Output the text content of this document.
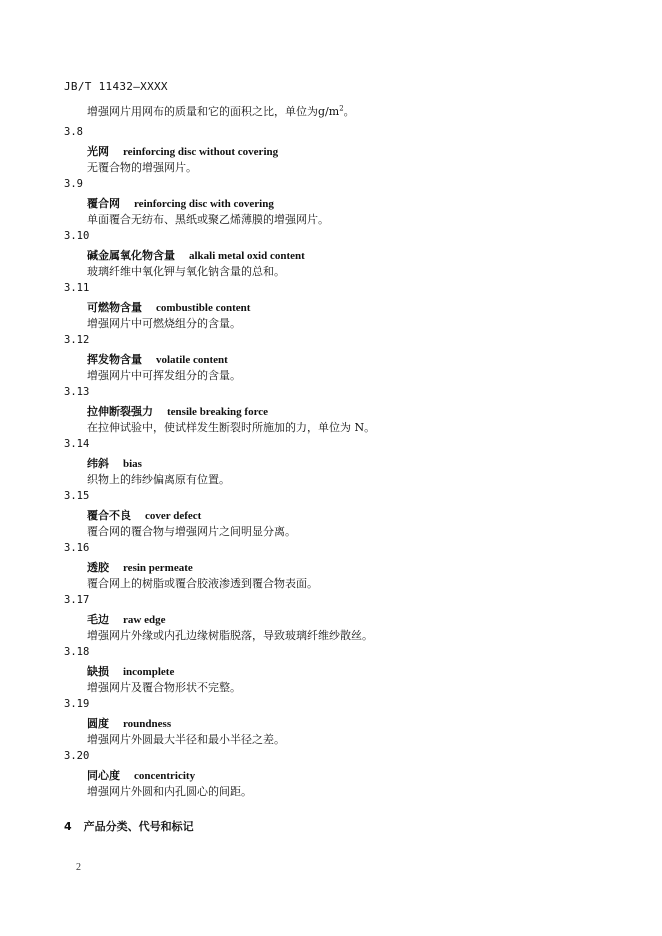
JB/T 11432—XXXX
增强网片用网布的质量和它的面积之比，单位为$g/m^2$。
3.8
光网 reinforcing disc without covering
无覆合物的增强网片。
3.9
覆合网 reinforcing disc with covering
单面覆合无纺布、黑纸或聚乙烯薄膜的增强网片。
3.10
碱金属氧化物含量 alkali metal oxid content
玻璃纤维中氧化钾与氧化钠含量的总和。
3.11
可燃物含量 combustible content
增强网片中可燃烧组分的含量。
3.12
挥发物含量 volatile content
增强网片中可挥发组分的含量。
3.13
拉伸断裂强力 tensile breaking force
在拉伸试验中，使试样发生断裂时所施加的力，单位为 N。
3.14
纬斜 bias
织物上的纬纱偏离原有位置。
3.15
覆合不良 cover defect
覆合网的覆合物与增强网片之间明显分离。
3.16
透胶 resin permeate
覆合网上的树脂或覆合胶液渗透到覆合物表面。
3.17
毛边 raw edge
增强网片外缘或内孔边缘树脂脱落，导致玻璃纤维纱散丝。
3.18
缺损 incomplete
增强网片及覆合物形状不完整。
3.19
圆度 roundness
增强网片外圆最大半径和最小半径之差。
3.20
同心度 concentricity
增强网片外圆和内孔圆心的间距。
4 产品分类、代号和标记
2
